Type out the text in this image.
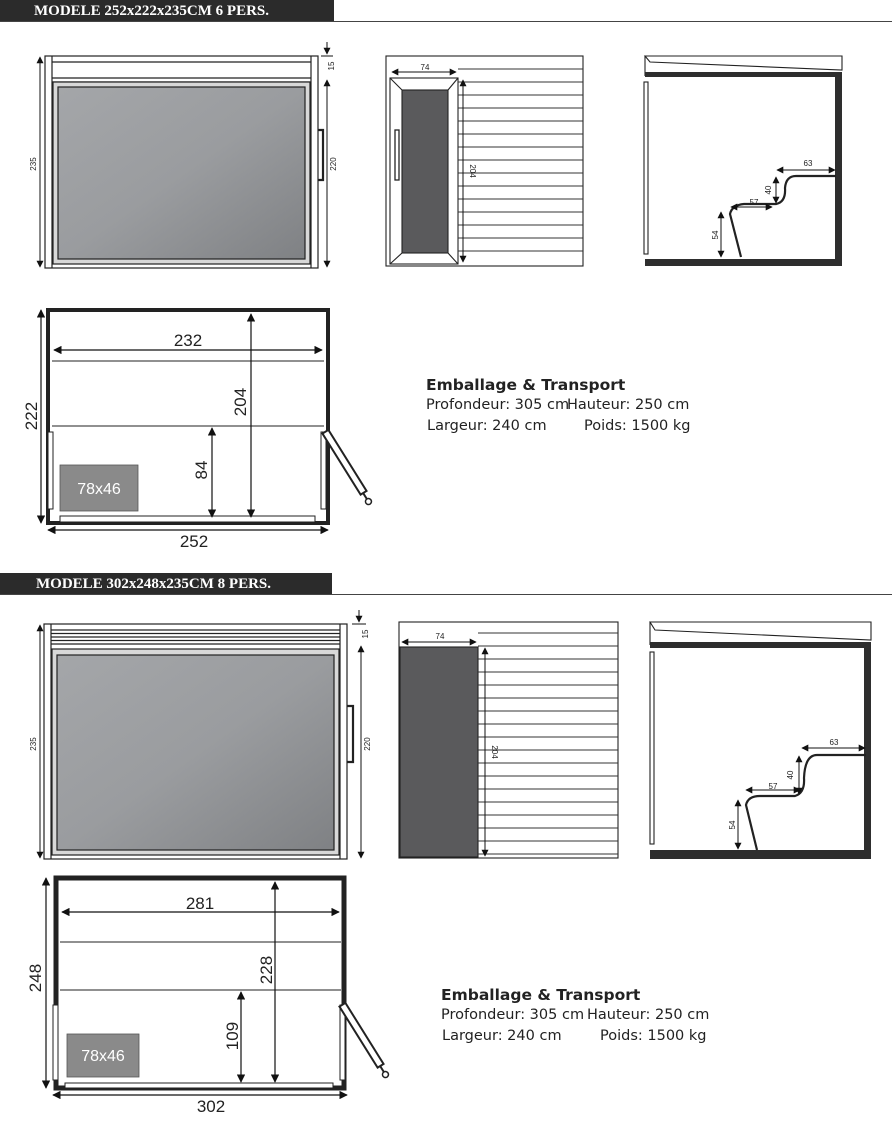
MODELE 252x222x235CM 6 PERS.
235	220
15	74
204
63
40
57
54
78x46
232
204
84
222
252
Emballage & Transport
Profondeur: 305 cm
Hauteur: 250 cm
Largeur: 240 cm	Poids: 1500 kg
MODELE 302x248x235CM 8 PERS.
235	220
15	74
204
63
40
57
54
78x46
281
228
109
248
302
Emballage & Transport
Profondeur: 305 cm Hauteur: 250 cm
Largeur: 240 cm	Poids: 1500 kg
